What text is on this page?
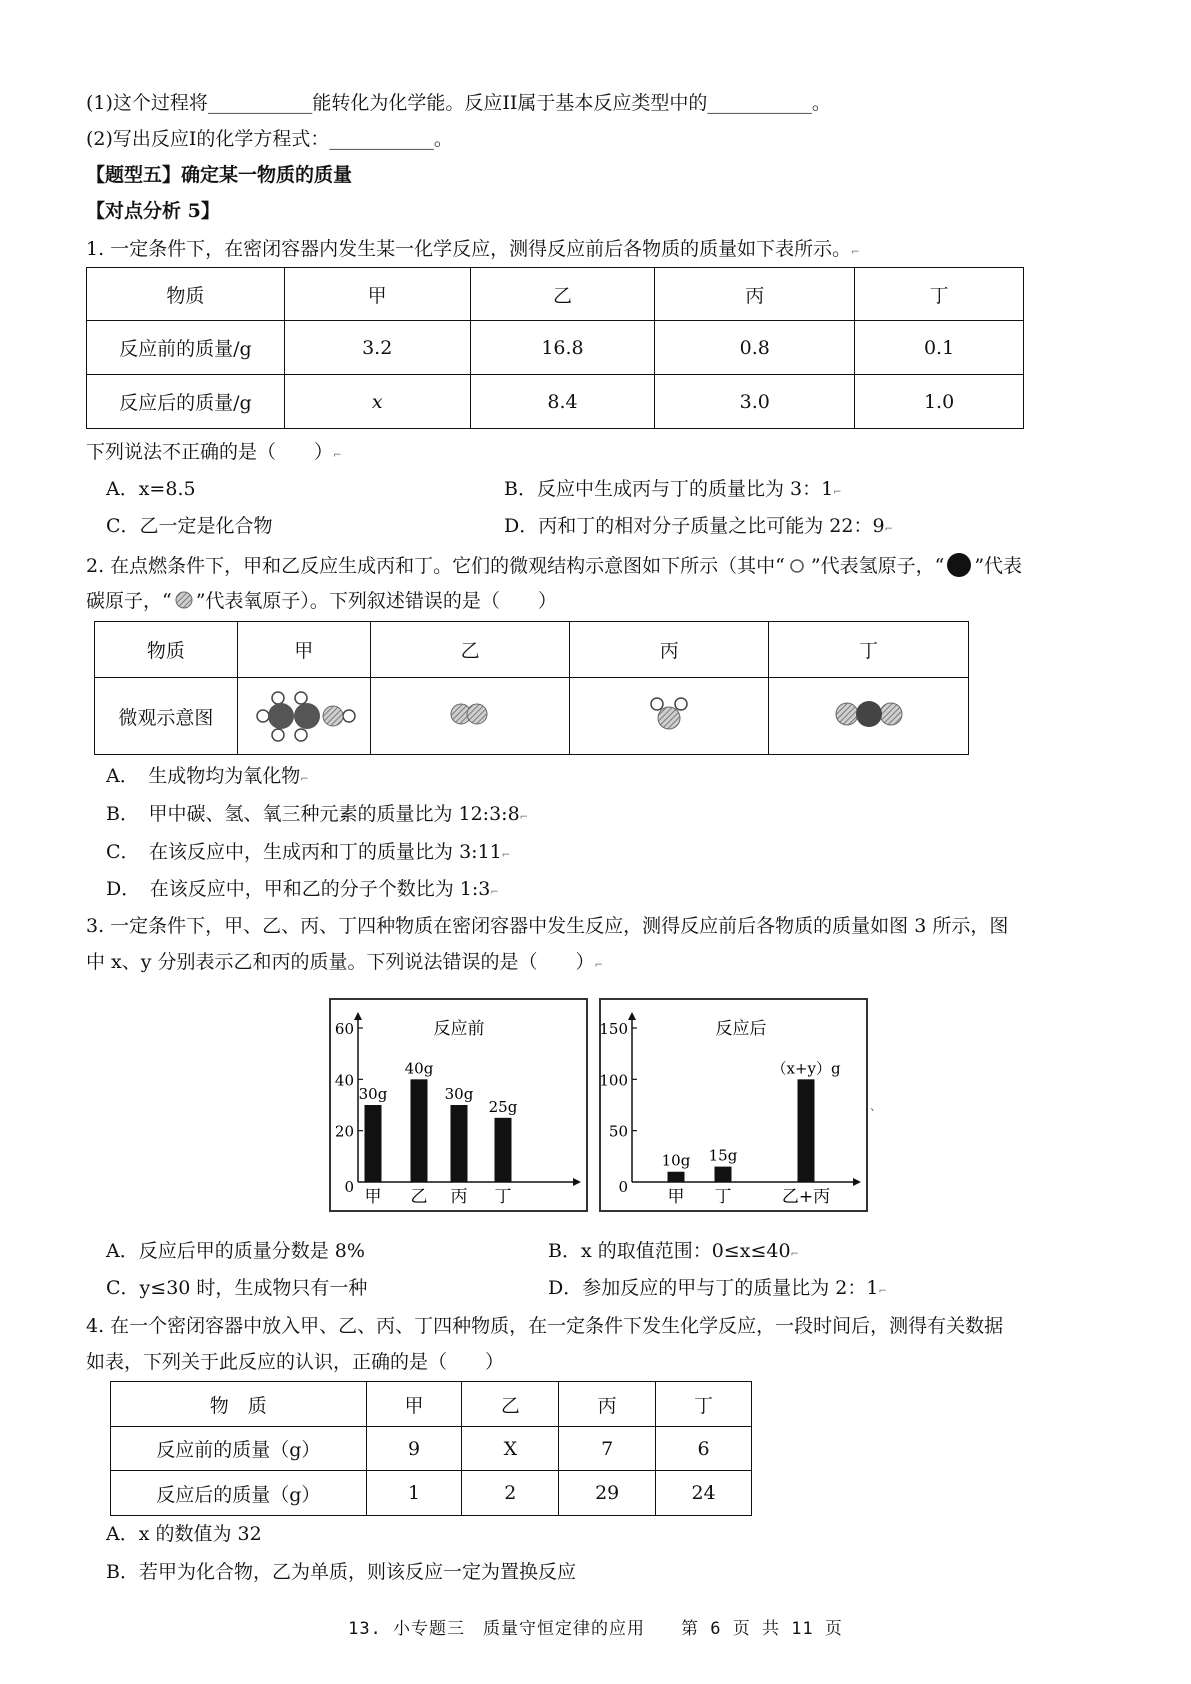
(1)这个过程将___________能转化为化学能。反应II属于基本反应类型中的___________。
(2)写出反应I的化学方程式：___________。
【题型五】确定某一物质的质量
【对点分析 5】
1. 一定条件下，在密闭容器内发生某一化学反应，测得反应前后各物质的质量如下表所示。⌐
物质	甲	乙	丙	丁
反应前的质量/g	3.2	16.8	0.8	0.1
反应后的质量/g	x	8.4	3.0	1.0
下列说法不正确的是（　　）⌐
A．x=8.5	B．反应中生成丙与丁的质量比为 3：1⌐
C．乙一定是化合物	D．丙和丁的相对分子质量之比可能为 22：9⌐
2. 在点燃条件下，甲和乙反应生成丙和丁。它们的微观结构示意图如下所示（其中“ ”代表氢原子，“ ”代表
碳原子，“ ”代表氧原子）。下列叙述错误的是（　　）
物质	甲	乙	丙	丁
微观示意图				
A．　生成物均为氧化物⌐
B．　甲中碳、氢、氧三种元素的质量比为 12:3:8⌐
C．　在该反应中，生成丙和丁的质量比为 3:11⌐
D．　在该反应中，甲和乙的分子个数比为 1:3⌐
3. 一定条件下，甲、乙、丙、丁四种物质在密闭容器中发生反应，测得反应前后各物质的质量如图 3 所示，图
中 x、y 分别表示乙和丙的质量。下列说法错误的是（　　）⌐
0
20
40
60	反应前
30g
甲
40g
乙
30g
丙
25g
丁	0
50
100
150	反应后
10g
甲
15g
丁
（x+y）g
乙+丙
、
A．反应后甲的质量分数是 8%	B．x 的取值范围：0≤x≤40⌐
C．y≤30 时，生成物只有一种	D．参加反应的甲与丁的质量比为 2：1⌐
4. 在一个密闭容器中放入甲、乙、丙、丁四种物质，在一定条件下发生化学反应，一段时间后，测得有关数据
如表，下列关于此反应的认识，正确的是（　　）
物　质	甲	乙	丙	丁
反应前的质量（g）	9	X	7	6
反应后的质量（g）	1	2	29	24
A．x 的数值为 32
B．若甲为化合物，乙为单质，则该反应一定为置换反应
13. 小专题三　质量守恒定律的应用　　第 6 页 共 11 页
